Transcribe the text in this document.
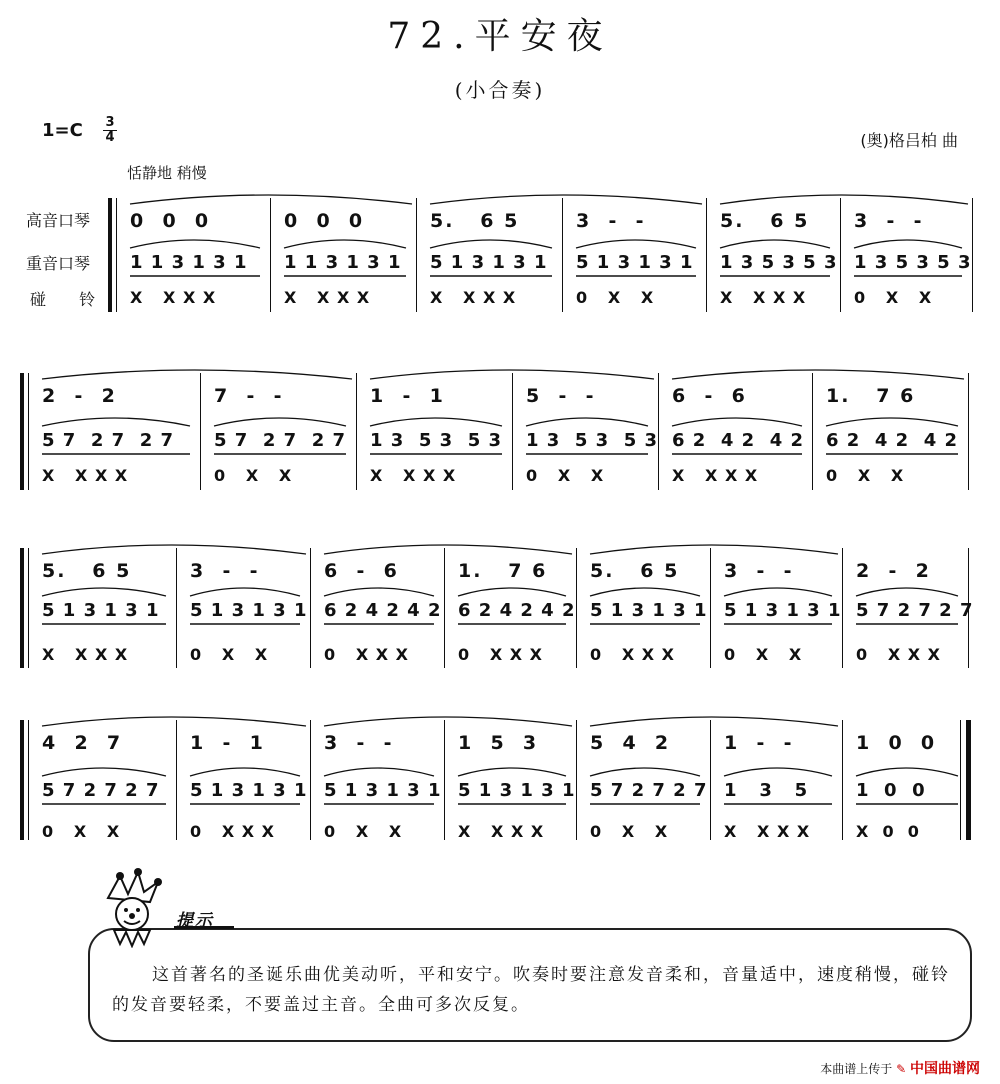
72.平安夜
(小合奏)
1=C 3
4	(奥)格吕柏 曲
恬静地 稍慢
高音口琴
重音口琴
碰 铃
0  0  0
1 1 3 1 3 1
X   X X X
0  0  0
1 1 3 1 3 1
X   X X X
5.   6 5
5 1 3 1 3 1
X   X X X
3  -  -
5 1 3 1 3 1
0   X   X
5.   6 5
1 3 5 3 5 3
X   X X X
3  -  -
1 3 5 3 5 3
0   X   X
2  -  2
5 7  2 7  2 7
X   X X X
7  -  -
5 7  2 7  2 7
0   X   X
1  -  1
1 3  5 3  5 3
X   X X X
5  -  -
1 3  5 3  5 3
0   X   X
6  -  6
6 2  4 2  4 2
X   X X X
1.   7 6
6 2  4 2  4 2
0   X   X
5.   6 5
5 1 3 1 3 1
X   X X X
3  -  -
5 1 3 1 3 1
0   X   X
6  -  6
6 2 4 2 4 2
0   X X X
1.   7 6
6 2 4 2 4 2
0   X X X
5.   6 5
5 1 3 1 3 1
0   X X X
3  -  -
5 1 3 1 3 1
0   X   X
2  -  2
5 7 2 7 2 7
0   X X X
4  2  7
5 7 2 7 2 7
0   X   X
1  -  1
5 1 3 1 3 1
0   X X X
3  -  -
5 1 3 1 3 1
0   X   X
1  5  3
5 1 3 1 3 1
X   X X X
5  4  2
5 7 2 7 2 7
0   X   X
1  -  -
1   3   5
X   X X X
1  0  0
1  0  0
X  0  0
提示
这首著名的圣诞乐曲优美动听，平和安宁。吹奏时要注意发音柔和，音量适中，速度稍慢，碰铃的发音要轻柔，不要盖过主音。全曲可多次反复。
本曲谱上传于 ✎ 中国曲谱网
